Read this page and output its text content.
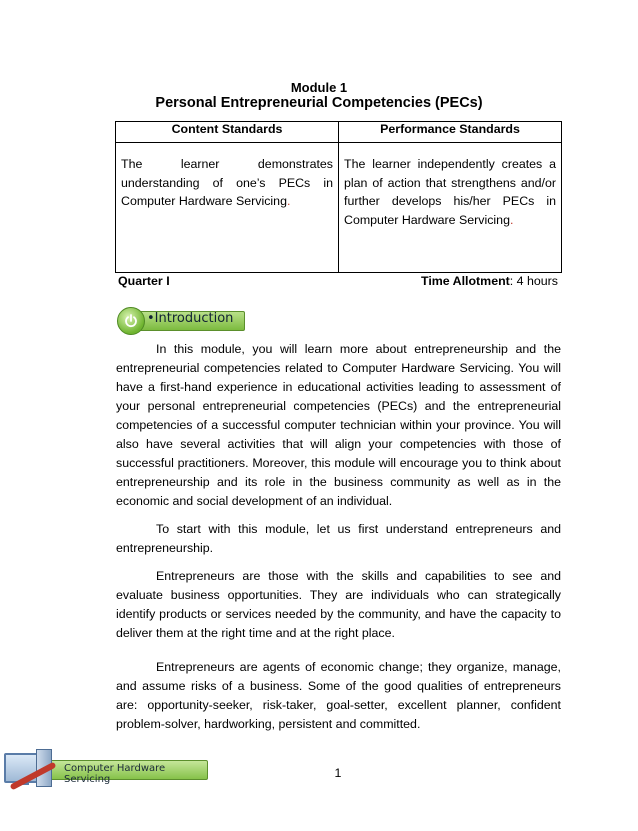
Module 1
Personal Entrepreneurial Competencies (PECs)
Content Standards	Performance Standards
The learner demonstrates understanding of one’s PECs in Computer Hardware Servicing.	The learner independently creates a plan of action that strengthens and/or further develops his/her PECs in Computer Hardware Servicing.
Quarter I	Time Allotment: 4 hours
•Introduction

In this module, you will learn more about entrepreneurship and the entrepreneurial competencies related to Computer Hardware Servicing. You will have a first-hand experience in educational activities leading to assessment of your personal entrepreneurial competencies (PECs) and the entrepreneurial competencies of a successful computer technician within your province. You will also have several activities that will align your competencies with those of successful practitioners. Moreover, this module will encourage you to think about entrepreneurship and its role in the business community as well as in the economic and social development of an individual.

To start with this module, let us first understand entrepreneurs and entrepreneurship.

Entrepreneurs are those with the skills and capabilities to see and evaluate business opportunities. They are individuals who can strategically identify products or services needed by the community, and have the capacity to deliver them at the right time and at the right place.

Entrepreneurs are agents of economic change; they organize, manage, and assume risks of a business. Some of the good qualities of entrepreneurs are: opportunity-seeker, risk-taker, goal-setter, excellent planner, confident problem-solver, hardworking, persistent and committed.

Computer Hardware Servicing	1
